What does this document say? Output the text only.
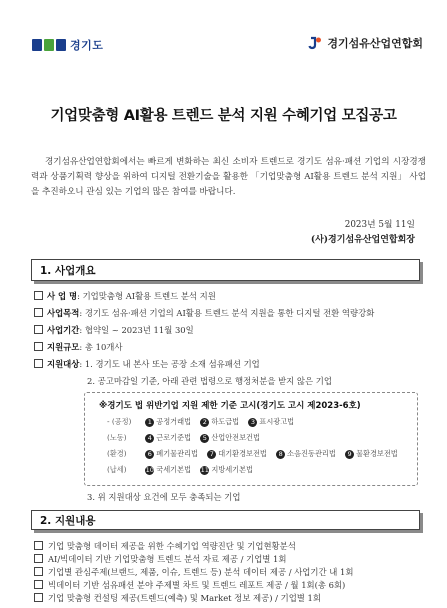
경기도	경기섬유산업연합회
기업맞춤형 AI활용 트렌드 분석 지원 수혜기업 모집공고
경기섬유산업연합회에서는 빠르게 변화하는 최신 소비자 트렌드로 경기도 섬유·패션 기업의 시장경쟁력과 상품기획력 향상을 위하여 디지털 전환기술을 활용한 「기업맞춤형 AI활용 트렌드 분석 지원」 사업을 추진하오니 관심 있는 기업의 많은 참여를 바랍니다.
2023년 5월 11일
(사)경기섬유산업연합회장
1. 사업개요
사 업 명: 기업맞춤형 AI활용 트렌드 분석 지원
사업목적: 경기도 섬유·패션 기업의 AI활용 트렌드 분석 지원을 통한 디지털 전환 역량강화
사업기간: 협약일 ~ 2023년 11월 30일
지원규모: 총 10개사
지원대상: 1. 경기도 내 본사 또는 공장 소재 섬유패션 기업
2. 공고마감일 기준, 아래 관련 법령으로 행정처분을 받지 않은 기업
※경기도 법 위반기업 지원 제한 기준 고시(경기도 고시 제2023-6호)
- (공정)	1 공정거래법 2 하도급법 3 표시광고법
(노동)	4 근로기준법 5 산업안전보건법
(환경)	6 폐기물관리법 7 대기환경보전법 8 소음진동관리법 9 물환경보전법
(납세)	10 국세기본법 11 지방세기본법
3. 위 지원대상 요건에 모두 충족되는 기업
2. 지원내용
기업 맞춤형 데이터 제공을 위한 수혜기업 역량진단 및 기업현황분석
AI/빅데이터 기반 기업맞춤형 트렌드 분석 자료 제공 / 기업별 1회
기업별 관심주제(브랜드, 제품, 이슈, 트렌드 등) 분석 데이터 제공 / 사업기간 내 1회
빅데이터 기반 섬유패션 분야 주제별 차트 및 트렌드 레포트 제공 / 월 1회(총 6회)
기업 맞춤형 컨설팅 제공(트렌드(예측) 및 Market 정보 제공) / 기업별 1회
